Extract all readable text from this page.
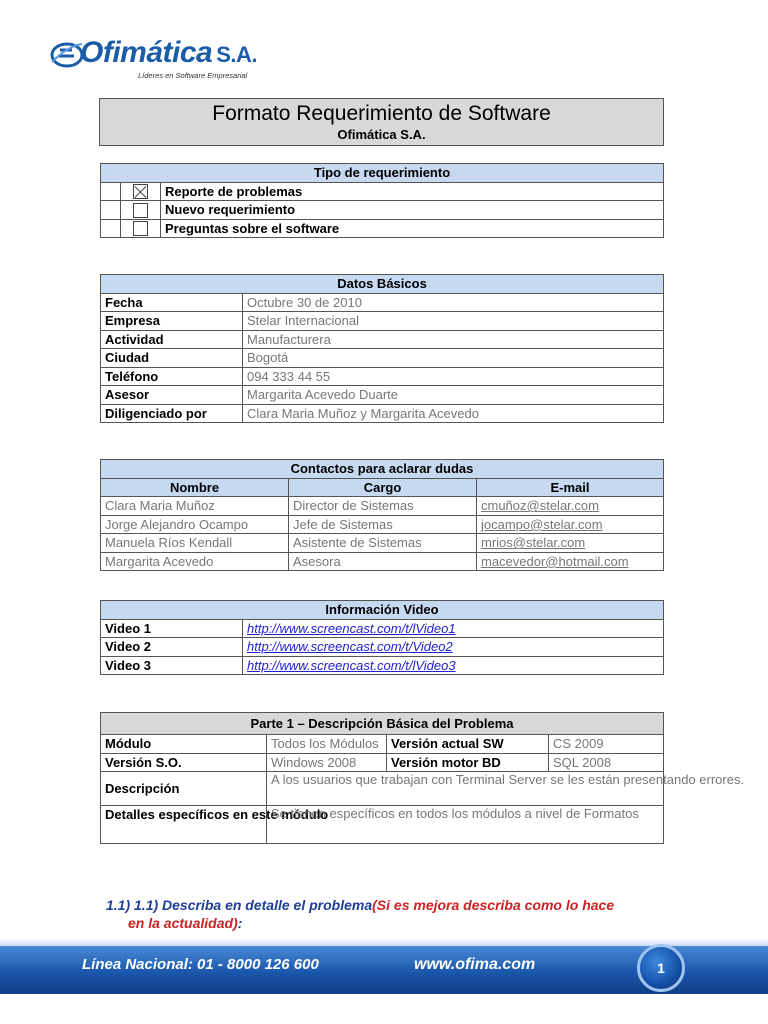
Ofimática S.A.
Líderes en Software Empresarial
Formato Requerimiento de Software
Ofimática S.A.
Tipo de requerimiento		

	Reporte de problemas
		Nuevo requerimiento
		Preguntas sobre el software
Datos Básicos	
Fecha	Octubre 30 de 2010
Empresa	Stelar Internacional
Actividad	Manufacturera
Ciudad	Bogotá
Teléfono	094 333 44 55
Asesor	Margarita Acevedo Duarte
Diligenciado por	Clara Maria Muñoz y Margarita Acevedo
Contactos para aclarar dudas		
Nombre	Cargo	E-mail
Clara Maria Muñoz	Director de Sistemas	cmuñoz@stelar.com
Jorge Alejandro Ocampo	Jefe de Sistemas	jocampo@stelar.com
Manuela Ríos Kendall	Asistente de Sistemas	mrios@stelar.com
Margarita Acevedo	Asesora	macevedor@hotmail.com
Información Video	
Video 1	http://www.screencast.com/t/lVideo1
Video 2	http://www.screencast.com/t/Video2
Video 3	http://www.screencast.com/t/lVideo3
Parte 1 – Descripción Básica del Problema			
Módulo	Todos los Módulos	Versión actual SW	CS 2009
Versión S.O.	Windows 2008	Versión motor BD	SQL 2008
Descripción	A los usuarios que trabajan con Terminal Server se les están presentando errores.		
Detalles específicos en este módulo	Se tienen específicos en todos los módulos a nivel de Formatos		
1.1) 1.1) Describa en detalle el problema(Si es mejora describa como lo hace
en la actualidad):
Línea Nacional: 01 - 8000 126 600	www.ofima.com	1
